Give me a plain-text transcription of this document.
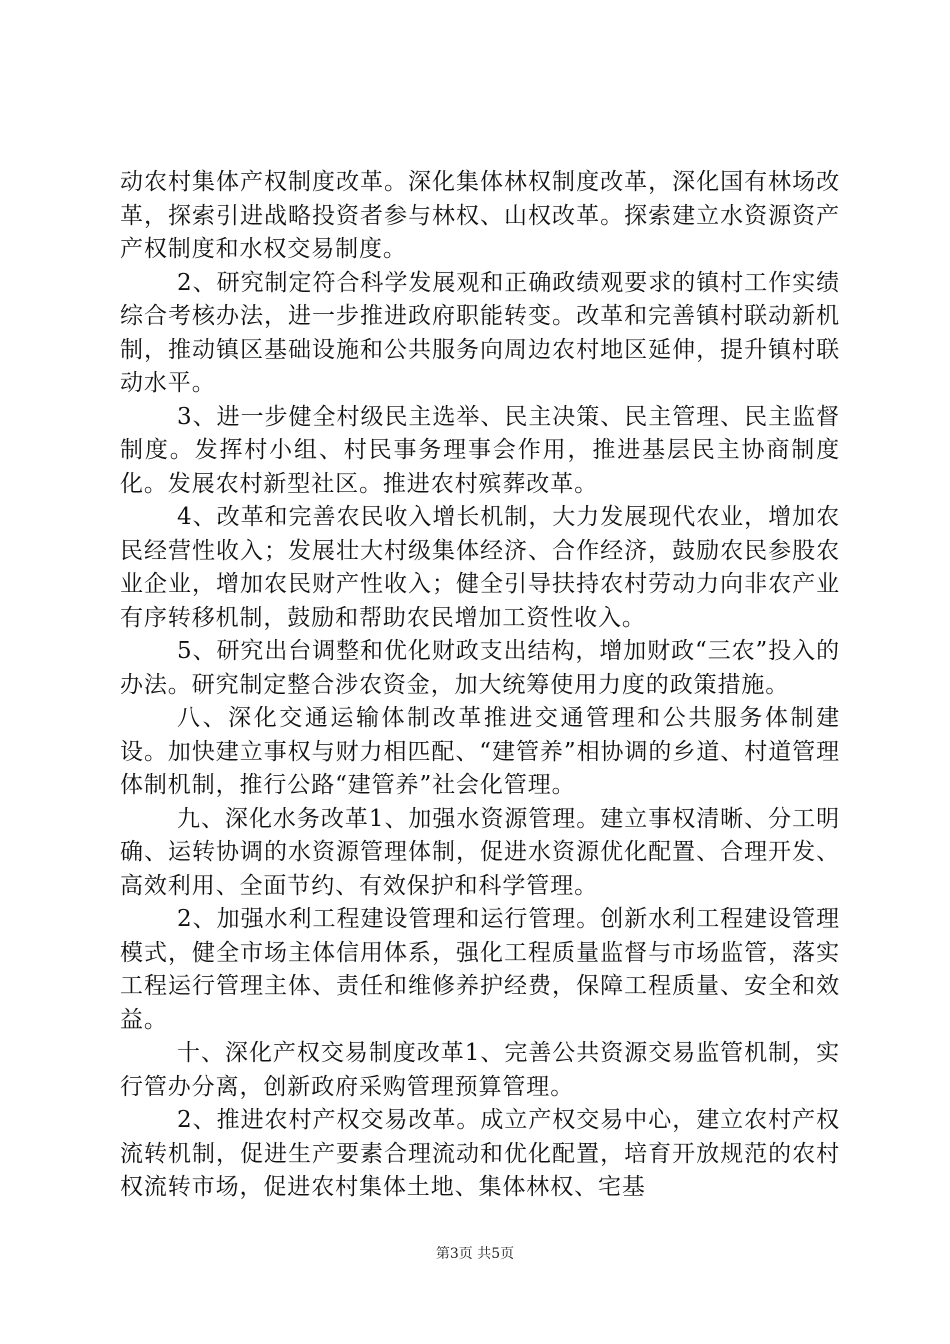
动农村集体产权制度改革。深化集体林权制度改革，深化国有林场改革，探索引进战略投资者参与林权、山权改革。探索建立水资源资产产权制度和水权交易制度。

2、研究制定符合科学发展观和正确政绩观要求的镇村工作实绩综合考核办法，进一步推进政府职能转变。改革和完善镇村联动新机制，推动镇区基础设施和公共服务向周边农村地区延伸，提升镇村联动水平。

3、进一步健全村级民主选举、民主决策、民主管理、民主监督制度。发挥村小组、村民事务理事会作用，推进基层民主协商制度化。发展农村新型社区。推进农村殡葬改革。

4、改革和完善农民收入增长机制，大力发展现代农业，增加农民经营性收入；发展壮大村级集体经济、合作经济，鼓励农民参股农业企业，增加农民财产性收入；健全引导扶持农村劳动力向非农产业有序转移机制，鼓励和帮助农民增加工资性收入。

5、研究出台调整和优化财政支出结构，增加财政“三农”投入的办法。研究制定整合涉农资金，加大统筹使用力度的政策措施。

八、深化交通运输体制改革推进交通管理和公共服务体制建设。加快建立事权与财力相匹配、“建管养”相协调的乡道、村道管理体制机制，推行公路“建管养”社会化管理。

九、深化水务改革1、加强水资源管理。建立事权清晰、分工明确、运转协调的水资源管理体制，促进水资源优化配置、合理开发、高效利用、全面节约、有效保护和科学管理。

2、加强水利工程建设管理和运行管理。创新水利工程建设管理模式，健全市场主体信用体系，强化工程质量监督与市场监管，落实工程运行管理主体、责任和维修养护经费，保障工程质量、安全和效益。

十、深化产权交易制度改革1、完善公共资源交易监管机制，实行管办分离，创新政府采购管理预算管理。

2、推进农村产权交易改革。成立产权交易中心，建立农村产权流转机制，促进生产要素合理流动和优化配置，培育开放规范的农村权流转市场，促进农村集体土地、集体林权、宅基

第3页 共5页
